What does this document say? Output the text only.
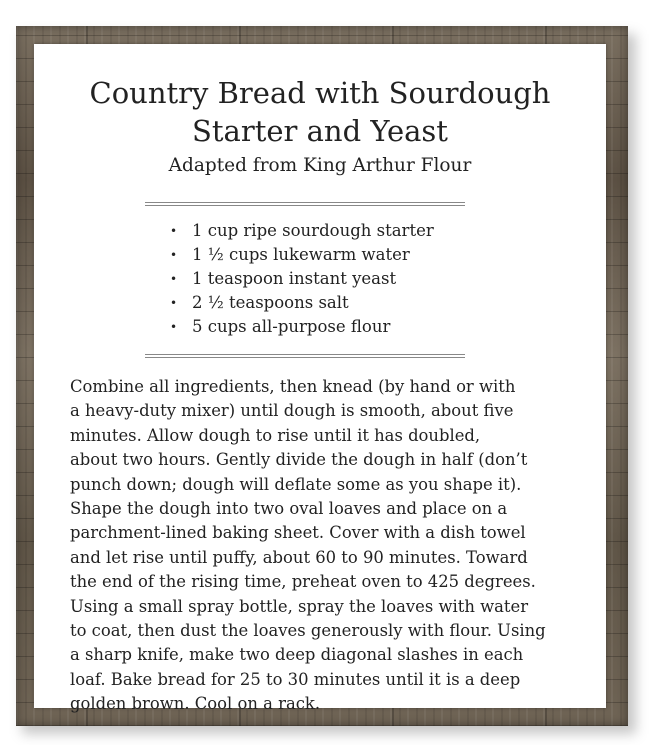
Country Bread with Sourdough
Starter and Yeast
Adapted from King Arthur Flour
• 1 cup ripe sourdough starter
• 1 ½ cups lukewarm water
• 1 teaspoon instant yeast
• 2 ½ teaspoons salt
• 5 cups all-purpose flour
Combine all ingredients, then knead (by hand or with
a heavy-duty mixer) until dough is smooth, about five
minutes. Allow dough to rise until it has doubled,
about two hours. Gently divide the dough in half (don’t
punch down; dough will deflate some as you shape it).
Shape the dough into two oval loaves and place on a
parchment-lined baking sheet. Cover with a dish towel
and let rise until puffy, about 60 to 90 minutes. Toward
the end of the rising time, preheat oven to 425 degrees.
Using a small spray bottle, spray the loaves with water
to coat, then dust the loaves generously with flour. Using
a sharp knife, make two deep diagonal slashes in each
loaf. Bake bread for 25 to 30 minutes until it is a deep
golden brown. Cool on a rack.
